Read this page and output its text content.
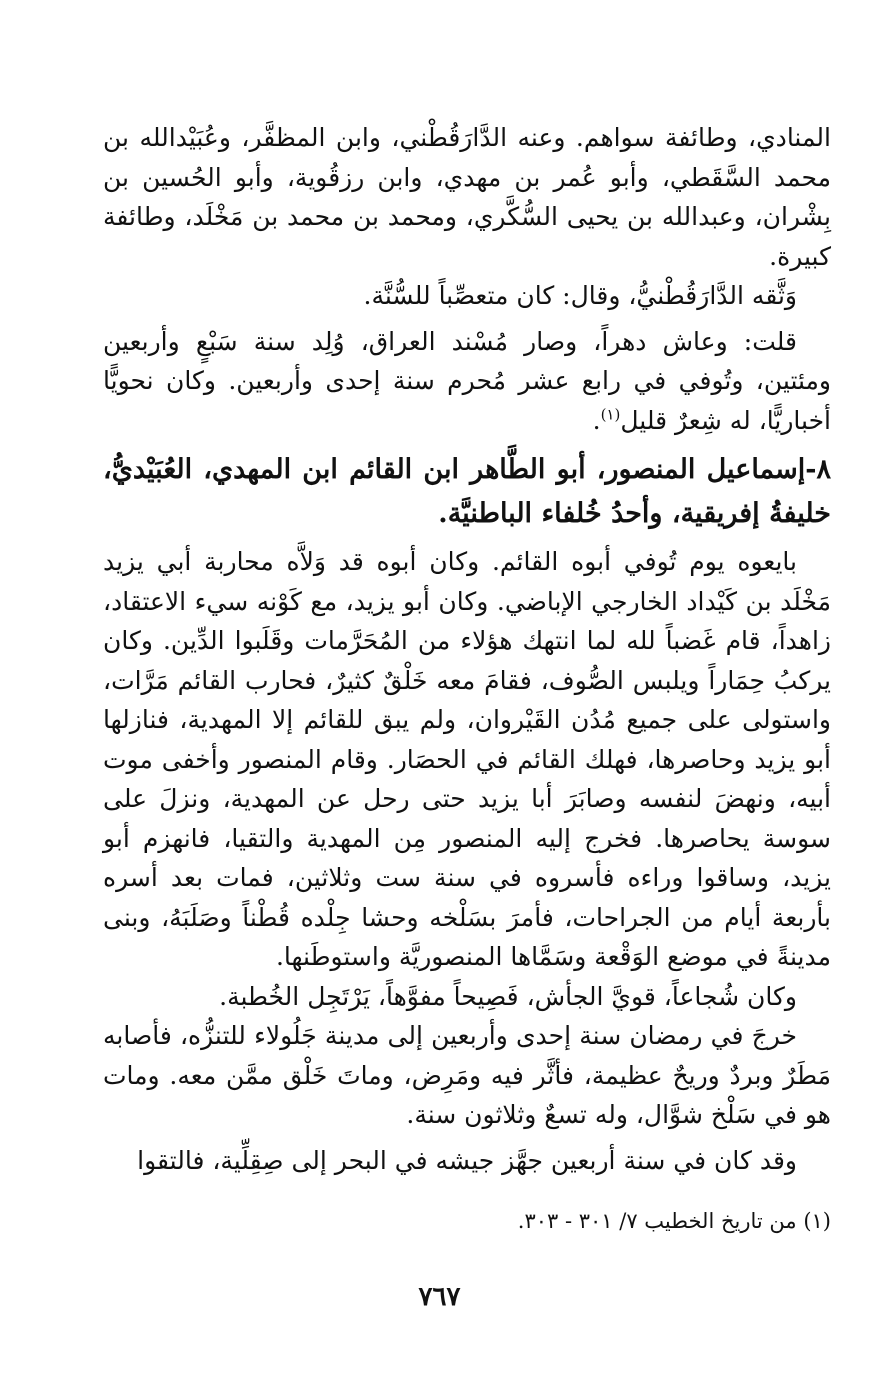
المنادي، وطائفة سواهم. وعنه الدَّارَقُطْني، وابن المظفَّر، وعُبَيْدالله بن محمد السَّقَطي، وأبو عُمر بن مهدي، وابن رزقُوية، وأبو الحُسين بن بِشْران، وعبدالله بن يحيى السُّكَّري، ومحمد بن محمد بن مَخْلَد، وطائفة كبيرة.

وَثَّقه الدَّارَقُطْنيُّ، وقال: كان متعصِّباً للسُّنَّة.

قلت: وعاش دهراً، وصار مُسْند العراق، وُلِد سنة سَبْعٍ وأربعين ومئتين، وتُوفي في رابع عشر مُحرم سنة إحدى وأربعين. وكان نحويًّا أخباريًّا، له شِعرٌ قليل$^{(١)}$.

٨-إسماعيل المنصور، أبو الطَّاهر ابن القائم ابن المهدي، العُبَيْديُّ، خليفةُ إفريقية، وأحدُ خُلفاء الباطنيَّة.

بايعوه يوم تُوفي أبوه القائم. وكان أبوه قد وَلاَّه محاربة أبي يزيد مَخْلَد بن كَيْداد الخارجي الإباضي. وكان أبو يزيد، مع كَوْنه سيء الاعتقاد، زاهداً، قام غَضباً لله لما انتهك هؤلاء من المُحَرَّمات وقَلَبوا الدِّين. وكان يركبُ حِمَاراً ويلبس الصُّوف، فقامَ معه خَلْقٌ كثيرٌ، فحارب القائم مَرَّات، واستولى على جميع مُدُن القَيْروان، ولم يبق للقائم إلا المهدية، فنازلها أبو يزيد وحاصرها، فهلك القائم في الحصَار. وقام المنصور وأخفى موت أبيه، ونهضَ لنفسه وصابَرَ أبا يزيد حتى رحل عن المهدية، ونزلَ على سوسة يحاصرها. فخرج إليه المنصور مِن المهدية والتقيا، فانهزم أبو يزيد، وساقوا وراءه فأسروه في سنة ست وثلاثين، فمات بعد أسره بأربعة أيام من الجراحات، فأمرَ بسَلْخه وحشا جِلْده قُطْناً وصَلَبَهُ، وبنى مدينةً في موضع الوَقْعة وسَمَّاها المنصوريَّة واستوطَنها.

وكان شُجاعاً، قويَّ الجأش، فَصِيحاً مفوَّهاً، يَرْتَجِل الخُطبة.

خرجَ في رمضان سنة إحدى وأربعين إلى مدينة جَلُولاء للتنزُّه، فأصابه مَطَرٌ وبردٌ وريحٌ عظيمة، فأثَّر فيه ومَرِض، وماتَ خَلْق ممَّن معه. ومات هو في سَلْخ شوَّال، وله تسعٌ وثلاثون سنة.

وقد كان في سنة أربعين جهَّز جيشه في البحر إلى صِقِلِّية، فالتقوا

(١) من تاريخ الخطيب ٧/ ٣٠١ - ٣٠٣.

٧٦٧
